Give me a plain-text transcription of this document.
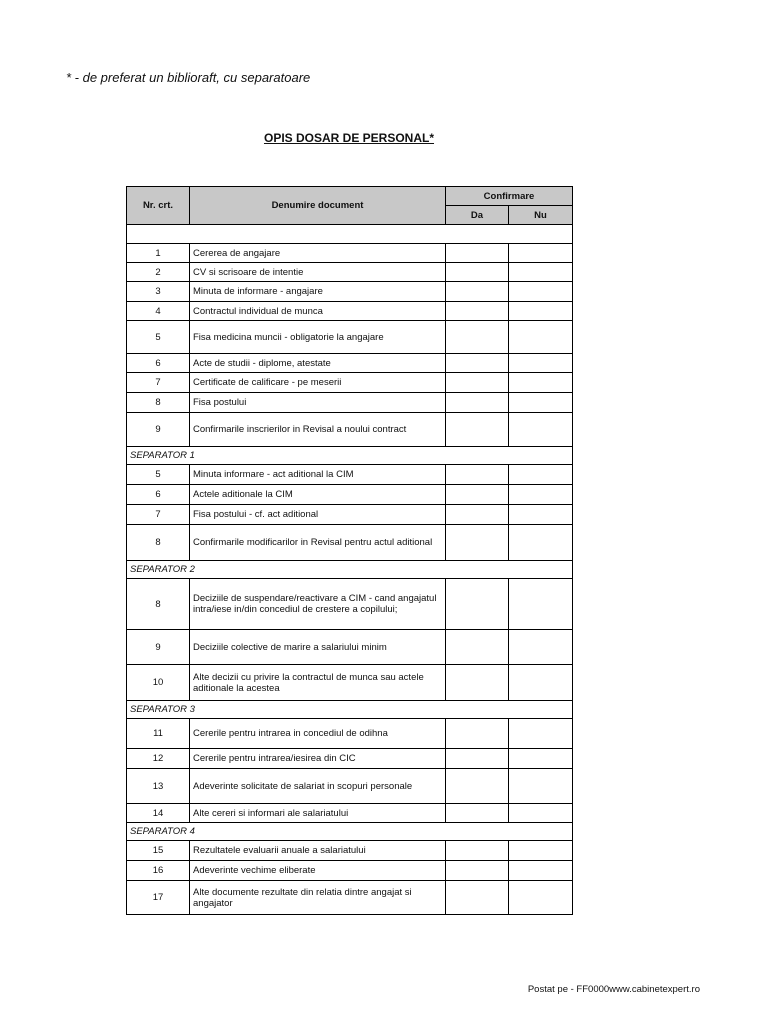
* - de preferat un biblioraft, cu separatoare
OPIS DOSAR DE PERSONAL*
Nr. crt.	Denumire document	Confirmare	
		Da	Nu

1	Cererea de angajare		
2	CV si scrisoare de intentie		
3	Minuta de informare - angajare		
4	Contractul individual de munca		
5	Fisa medicina muncii - obligatorie la angajare		
6	Acte de studii - diplome, atestate		
7	Certificate de calificare - pe meserii		
8	Fisa postului		
9	Confirmarile inscrierilor in Revisal a noului contract		
SEPARATOR 1			
5	Minuta informare - act aditional la CIM		
6	Actele aditionale la CIM		
7	Fisa postului - cf. act aditional		
8	Confirmarile modificarilor in Revisal pentru actul aditional		
SEPARATOR 2			
8	Deciziile de suspendare/reactivare a CIM - cand angajatul intra/iese in/din concediul de crestere a copilului;		
9	Deciziile colective de marire a salariului minim		
10	Alte decizii cu privire la contractul de munca sau actele aditionale la acestea		
SEPARATOR 3			
11	Cererile pentru intrarea in concediul de odihna		
12	Cererile pentru intrarea/iesirea din CIC		
13	Adeverinte solicitate de salariat in scopuri personale		
14	Alte cereri si informari ale salariatului		
SEPARATOR 4			
15	Rezultatele evaluarii anuale a salariatului		
16	Adeverinte vechime eliberate		
17	Alte documente rezultate din relatia dintre angajat si angajator		
Postat pe - FF0000www.cabinetexpert.ro
